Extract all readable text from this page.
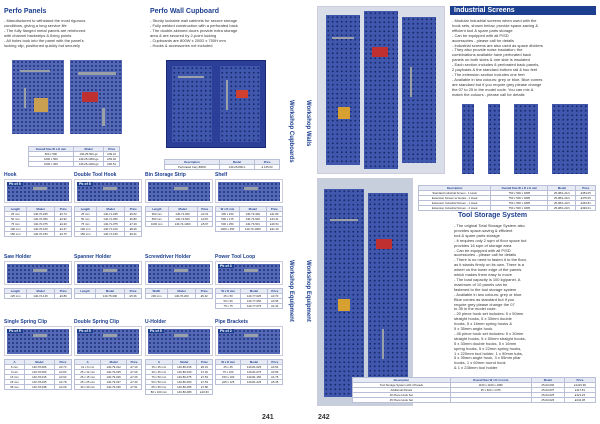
Perfo Panels
- Manufactured to withstand the most rigorous
conditions, giving a long service life
- The fully flanged metal panels are reinforced
with channel backstrips & fixing points
- All holes took into the panel with the panel's
locking clip, positioned quickly but securely
Overall Size W x H mm	Model	Price
500 x 500	140-25-500-gs	£39.10
1000 x 500	140-25-1000-gs	£53.94
1000 x 300	140-25-1200-gs	£60.51
Perfo Wall Cupboard
- Sturdy lockable wall cabinets for secure storage
- Fully welded construction with a perforated back
- The double-skinned doors provide extra storage
area & are secured by 2-point locking
- Cupboards are 800W x 200D x 700H mm
- Hooks & accessories not included
Description	Model	Price
Perforated Cary 800W	140-25-800-1	£ 145.00
Hook
Pk of 5
Length	Model	Price
25 mm	140-70-025	£3.73
50 mm	140-70-050	£3.92
75 mm	140-70-075	£4.20
100 mm	140-70-100	£4.47
150 mm	140-70-150	£4.75
Double Tool Hook
Pk of 5
Length	Model	Price
25 mm	140-71-025	£5.62
50 mm	140-71-050	£5.80
75 mm	140-71-075	£7.29
100 mm	140-71-100	£8.26
150 mm	140-71-150	£9.41
Bin Storage Strip
Length	Model	Price
300 mm	140-72-300	£3.31
500 mm	140-72-500	£3.87
1000 mm	140-72-1000	£5.97
Shelf
W x D mm	Model	Price
300 x 150	140-73-300	£11.80
500 x 175	140-73-500	£13.41
500 x 250	140-73-501	£16.54
1000 x 250	140-73-1000	£21.40
Saw Holder
Length	Model	Price
125 mm	140-74-125	£3.89
Spanner Holder
Length	Model	Price
	140-75-300	£5.36
Screwdriver Holder
Width	Model	Price
200 mm	140-76-200	£5.42
Power Tool Loop
Pk of 3
W x D mm	Model	Price
25 x 50	140-77-025	£3.70
50 x 50	140-77-050	£3.95
75 x 75	140-77-075	£4.42
Single Spring Clip
Pk of 5
A	Model	Price
6 mm	140-78-006	£3.73
9 mm	140-78-009	£3.83
15 mm	140-78-015	£3.93
25 mm	140-78-025	£3.78
38 mm	140-78-038	£4.09
Double Spring Clip
Pk of 5
A	Model	Price
12 x 6 mm	140-79-012	£7.19
25 x 12 mm	140-79-025	£7.26
25 x 15 mm	140-79-026	£7.26
25 x 25 mm	140-79-027	£7.30
30 x 30 mm	140-79-030	£7.51
U-Holder
Pk of 5
A	Model	Price
15 x 25 mm	140-80-015	£5.01
30 x 25 mm	140-80-030	£7.40
75 x 50 mm	140-80-075	£7.53
50 x 50 mm	140-80-050	£7.53
65 x 50 mm	140-80-065	£7.86
80 x 100 mm	140-80-080	£10.63
Pipe Brackets
Pk of 2
W x D mm	Model	Price
25 x 45	140-81-025	£3.53
75 x 100	140-81-075	£3.59
150 x 100	140-81-150	£4.75
225 x 125	140-81-225	£5.45
Workshop Cupboards
Workshop Equipment
241
Workshop Walls
Workshop Equipment
Industrial Screens
- Modular industrial screens when used with the
hook sets, shown below, provide space-saving &
efficient tool & spare parts storage
- Can be equipped with all P/SD
accessories - please call for details
- Industrial screens are also used as space dividers
- They also provide noise insulation; the
combinations available have perforated back
panels on both sides & one side is insulated
- Each section includes 8 perforated back panels,
2 payloads & the standard bottom rail & two feet
- The extension section includes one feet
- Available in two colours: grey or blue. Blue comes
are standard but if you require grey please change
the 07 to 25 in the model code. You can mix &
match the colours - please call for details
Description	Overall Size W x D x H mm	Model	Price
Standard Industrial Screen - 1 Hook	750 x 500 x 1805	25-08/1-21/1	£354.05
Extension Screen w/ Hooks - 1 Hook	750 x 500 x 1805	25-08/1-24/1	£375.05
Extension Industrial Screen - 1 Hook	750 x 500 x 1805	25-08/1-22/1	£343.81
Extension Industrial Screen - 2 Hook	750 x 500 x 1805	25-08/1-23/1	£393.01
Tool Storage System
- The original Total Storage System also
provides space-saving & efficient
tool & spare parts storage
- It requires only 2 sqm of floor space but
provides 16 sqm of storage area
- Can be equipped with all P/SD
accessories - please call for details
- There is no need to fasten it to the floor,
as it stands firmly on its own. There is a
wheel on the lower edge of the panels
which makes them easy to move
- The load capacity is 100 kg/panel. A
maximum of 10 panels can be
fastened to the tool storage system
- Available in two colours: grey or blue.
Blue comes as standard but if you
require grey please change the 07
to 35 in the model code.
- 20 piece hook set includes: 5 x 50mm
straight hooks, 5 x 33mm double
hooks, 5 x 16mm spring hooks &
5 x 35mm angle hook.
- 45 piece hook set includes: 5 x 30mm
straight hooks, 5 x 50mm straight hooks,
5 x 33mm double hooks, 5 x 16mm
spring hooks, 5 x 22mm spring hooks,
1 x 220mm tool holder, 1 x 90mm tubs,
5 x 35mm angle hook, 3 x 55mm pliar
hooks, 1 x 60mm round hook
& 1 x 238mm tool holder
Description	Overall Size W x D x H mm	Model	Price
Tool Storage System with 4 Panels	1100 x 1100 x 1960	25-03-000	£1419.99
Additional Panels	25 x 600 x 1475	25-03-007	£117.53
20 Piece Hook Set		25-03-025	£121.23
45 Piece Hook Set		25-03-026	£242.38
242
